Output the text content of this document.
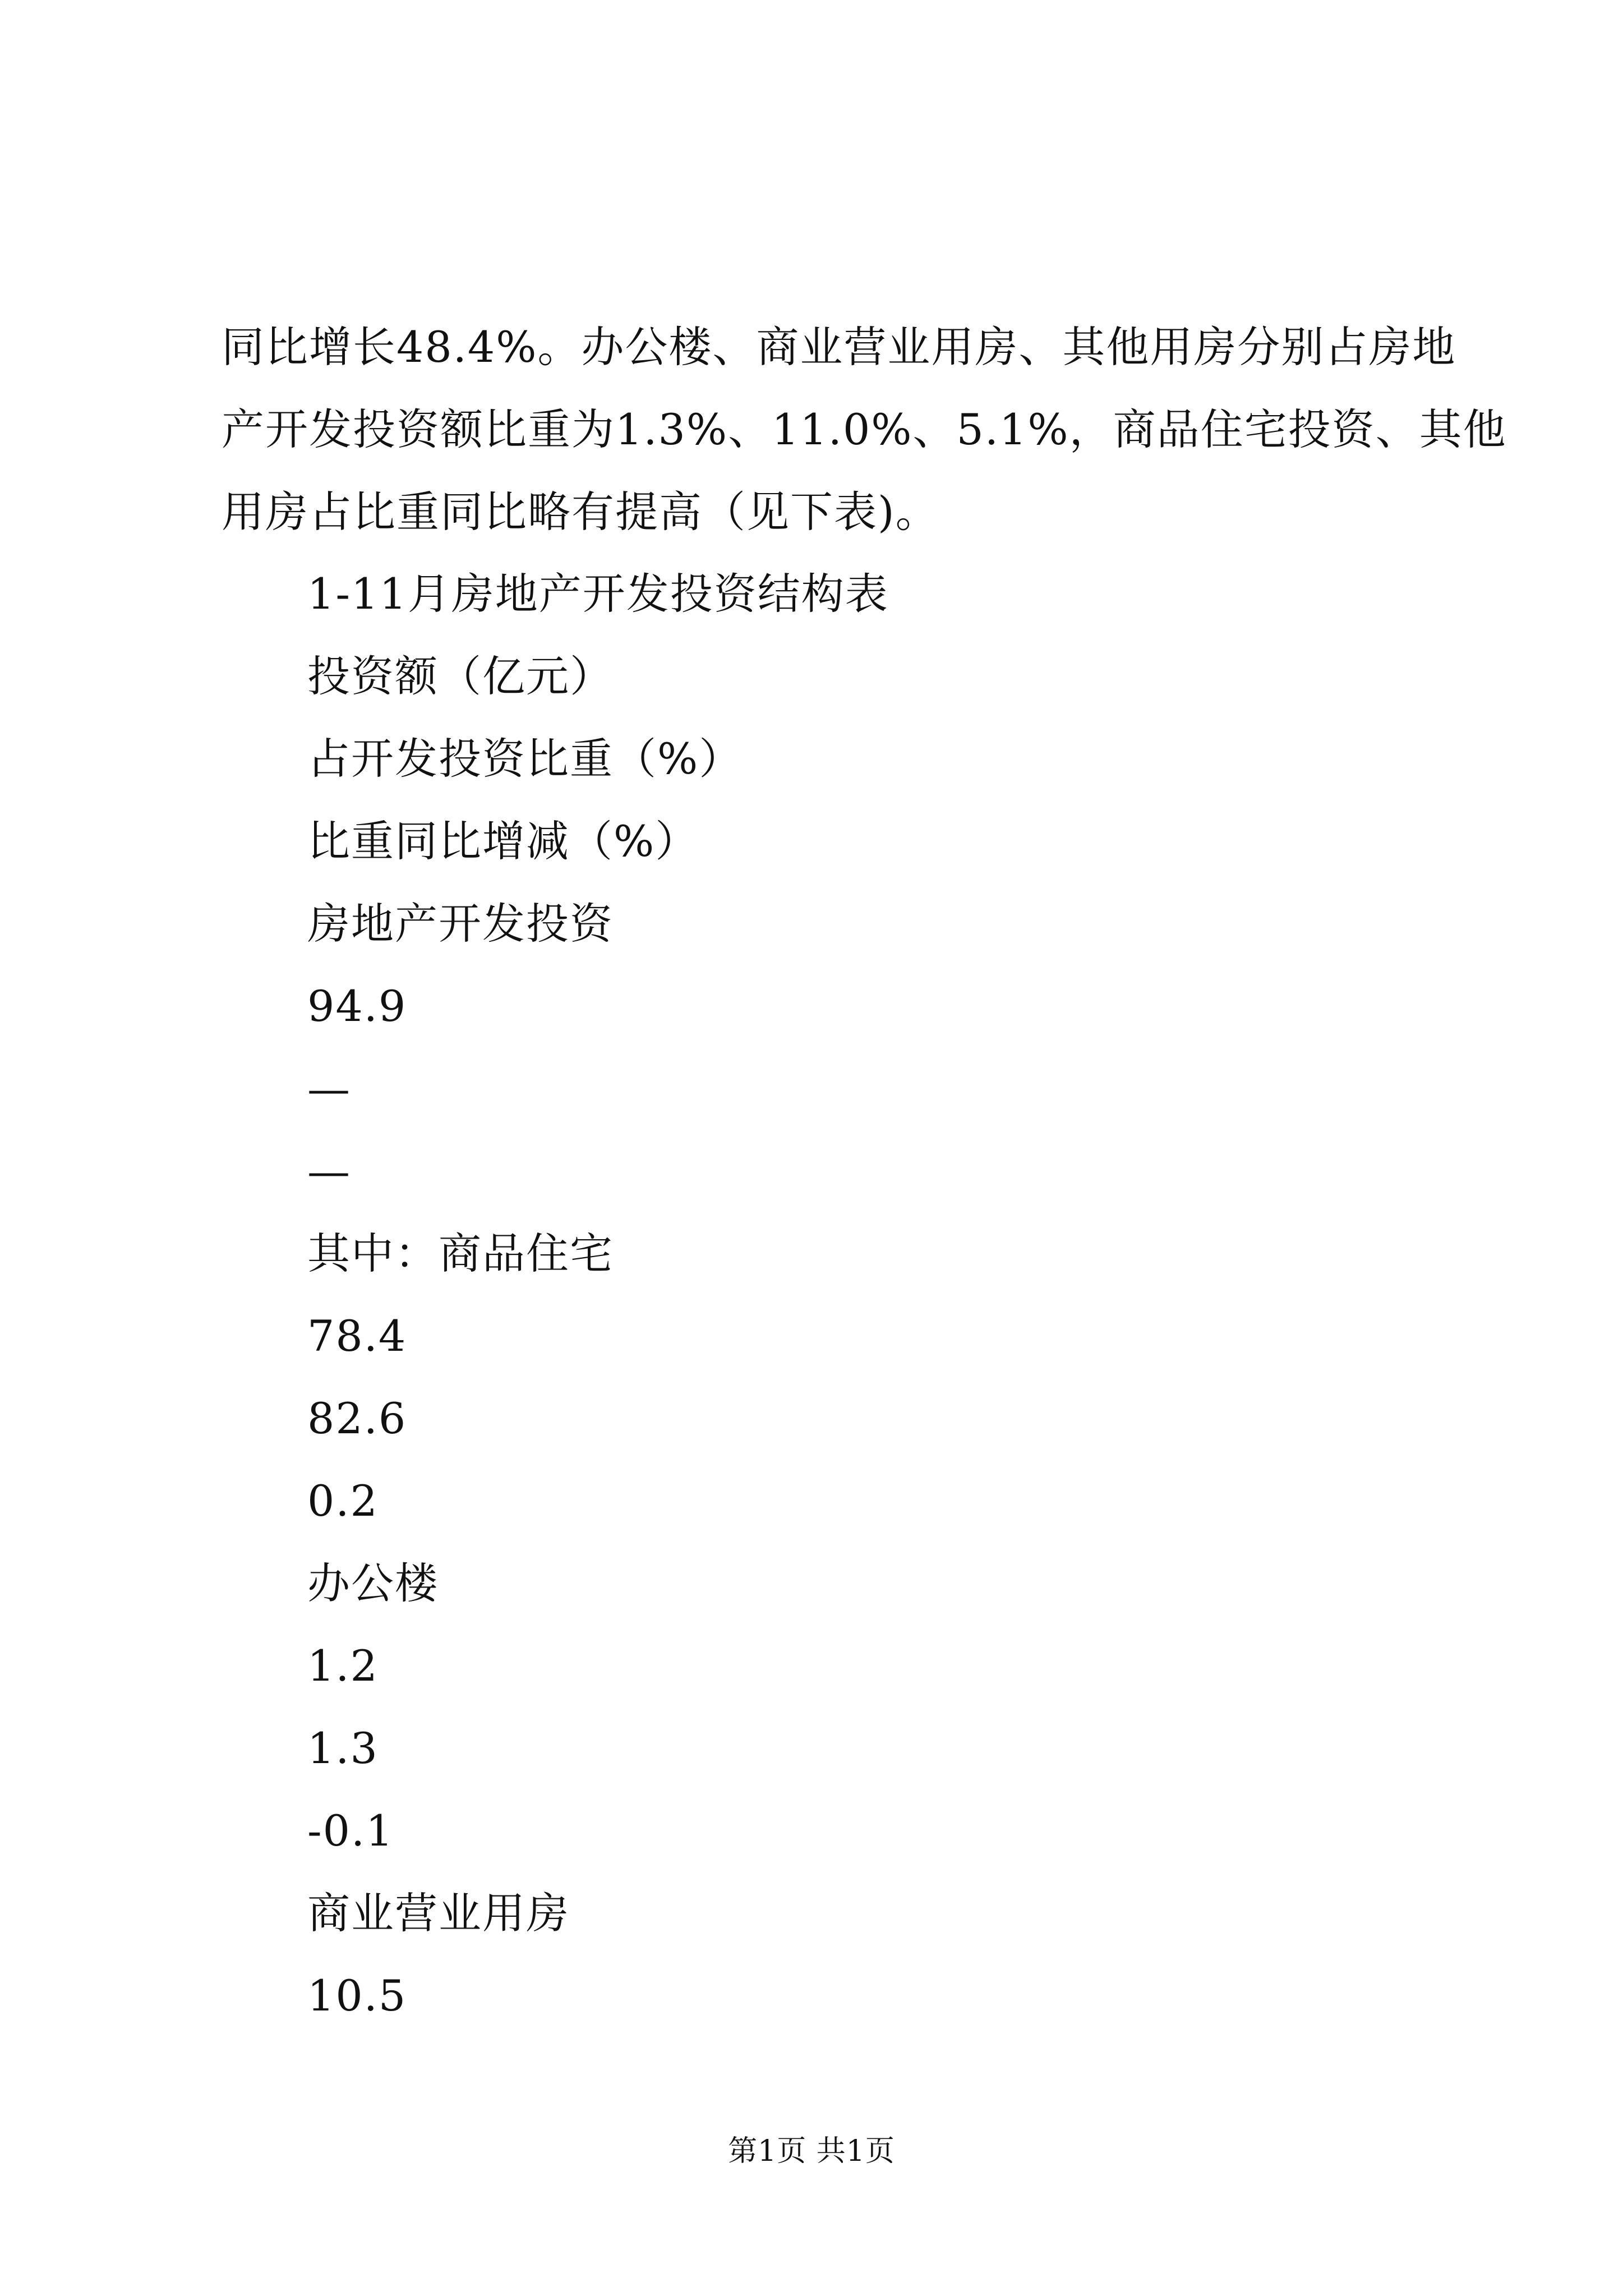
同比增长48.4%。办公楼、商业营业用房、其他用房分别占房地
产开发投资额比重为1.3%、11.0%、5.1%，商品住宅投资、其他
用房占比重同比略有提高（见下表)。
1-11月房地产开发投资结构表
投资额（亿元）
占开发投资比重（%）
比重同比增减（%）
房地产开发投资
94.9
—
—
其中：商品住宅
78.4
82.6
0.2
办公楼
1.2
1.3
-0.1
商业营业用房
10.5
第1页 共1页
